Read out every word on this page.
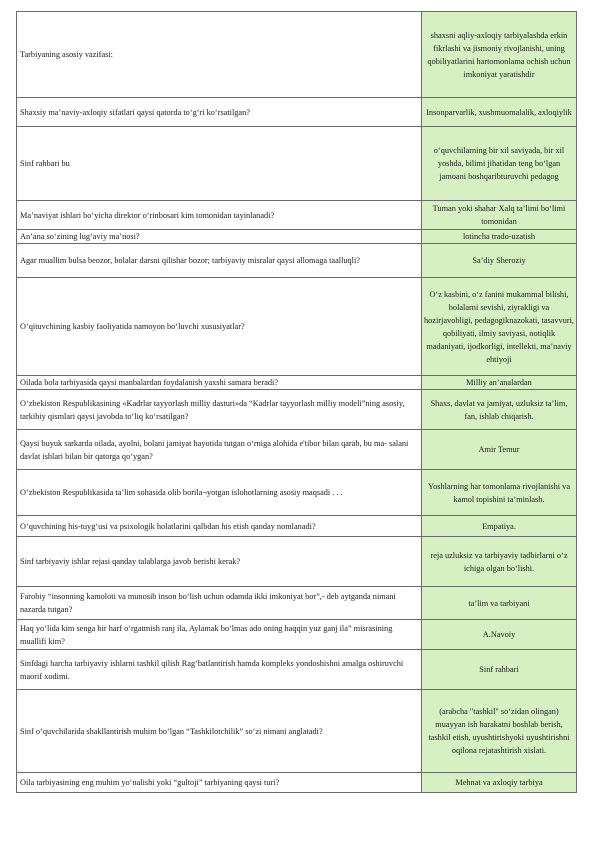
Tarbiyaning asosiy vazifasi:	shaxsni aqliy-axloqiy tarbiyalashda erkin fikrlashi va jismoniy rivojlanishi, uning qobiliyatlarini hartomonlama ochish uchun imkoniyat yaratishdir
Shaxsiy ma’naviy-axloqiy sifatlari qaysi qatorda to‘g‘ri ko‘rsatilgan?	Insonparvarlik, xushmuomalalik, axloqiylik
Sinf rahbari bu	o‘quvchilarning bir xil saviyada, bir xil yoshda, bilimi jihatidan teng bo‘lgan jamoani boshqaribturuvchi pedagog
Ma’naviyat ishlari bo‘yicha direktor o‘rinbosari kim tomonidan tayinlanadi?	Tuman yoki shahar Xalq ta’limi bo‘limi tomonidan
An’ana so‘zining lug‘aviy ma’nosi?	lotincha trado-uzatish
Agar muallim bulsa beozor, bolalar darsni qilishar bozor; tarbiyaviy misralar qaysi allomaga taalluqli?	Sa’diy Sheroziy
O‘qituvchining kasbiy faoliyatida namoyon bo‘luvchi xususiyatlar?	O‘z kasbini, o‘z fanini mukammal bilishi, bolalarni sevishi, ziyrakligi va hozirjavobligi, pedagogiknazokati, tasavvuri, qobiliyati, ilmiy saviyasi, notiqlik madaniyati, ijodkorligi, intellekti, ma’naviy ehtiyoji
Oilada bola tarbiyasida qaysi manbalardan foydalanish yaxshi samara beradi?	Milliy an’analardan
O‘zbekiston Respublikasining «Kadrlar tayyorlash milliy dasturi»da “Kadrlar tayyorlash milliy modeli”ning asosiy, tarkibiy qismlari qaysi javobda to‘liq ko‘rsatilgan?	Shaxs, davlat va jamiyat, uzluksiz ta’lim, fan, ishlab chiqarish.
Qaysi buyuk sarkarda oilada, ayolni, bolani jamiyat hayotida tutgan o‘rniga alohida e'tibor bilan qarab, bu ma- salani davlat ishlari bilan bir qatorga qo‘ygan?	Amir Temur
O‘zbekiston Respublikasida ta’lim sohasida olib borila¬yotgan islohotlarning asosiy maqsadi . . .	Yoshlarning har tomonlama rivojlanishi va kamol topishini ta’minlash.
O‘quvchining his-tuyg‘usi va psixologik holatlarini qalbdan his etish qanday nomlanadi?	Empatiya.
Sinf tarbiyaviy ishlar rejasi qanday talablarga javob berishi kerak?	reja uzluksiz va tarbiyaviy tadbirlarni o‘z ichiga olgan bo‘lishi.
Farobiy “insonning kamoloti va munosib inson bo‘lish uchun odamda ikki imkoniyat bor”,- deb aytganda nimani nazarda tutgan?	ta’lim va tarbiyani
Haq yo‘lida kim senga bir harf o‘rgatmish ranj ila, Aylamak bo‘lmas ado oning haqqin yuz ganj ila” misrasining muallifi kim?	A.Navoiy
Sinfdagi barcha tarbiyaviy ishlarni tashkil qilish Rag‘batlantirish hamda kompleks yondoshishni amalga oshiruvchi maorif xodimi.	Sinf rahbari
Sinf o‘quvchilarida shakllantirish muhim bo‘lgan “Tashkilotchilik” so‘zi nimani anglatadi?	(arabcha "tashkil" so‘zidan olingan) muayyan ish harakatni boshlab berish, tashkil etish, uyushtirishyoki uyushtirishni oqilona rejatashtirish xislati.
Oila tarbiyasining eng muhim yo‘nalishi yoki “gultoji” tarbiyaning qaysi turi?	Mehnat va axloqiy tarbiya
